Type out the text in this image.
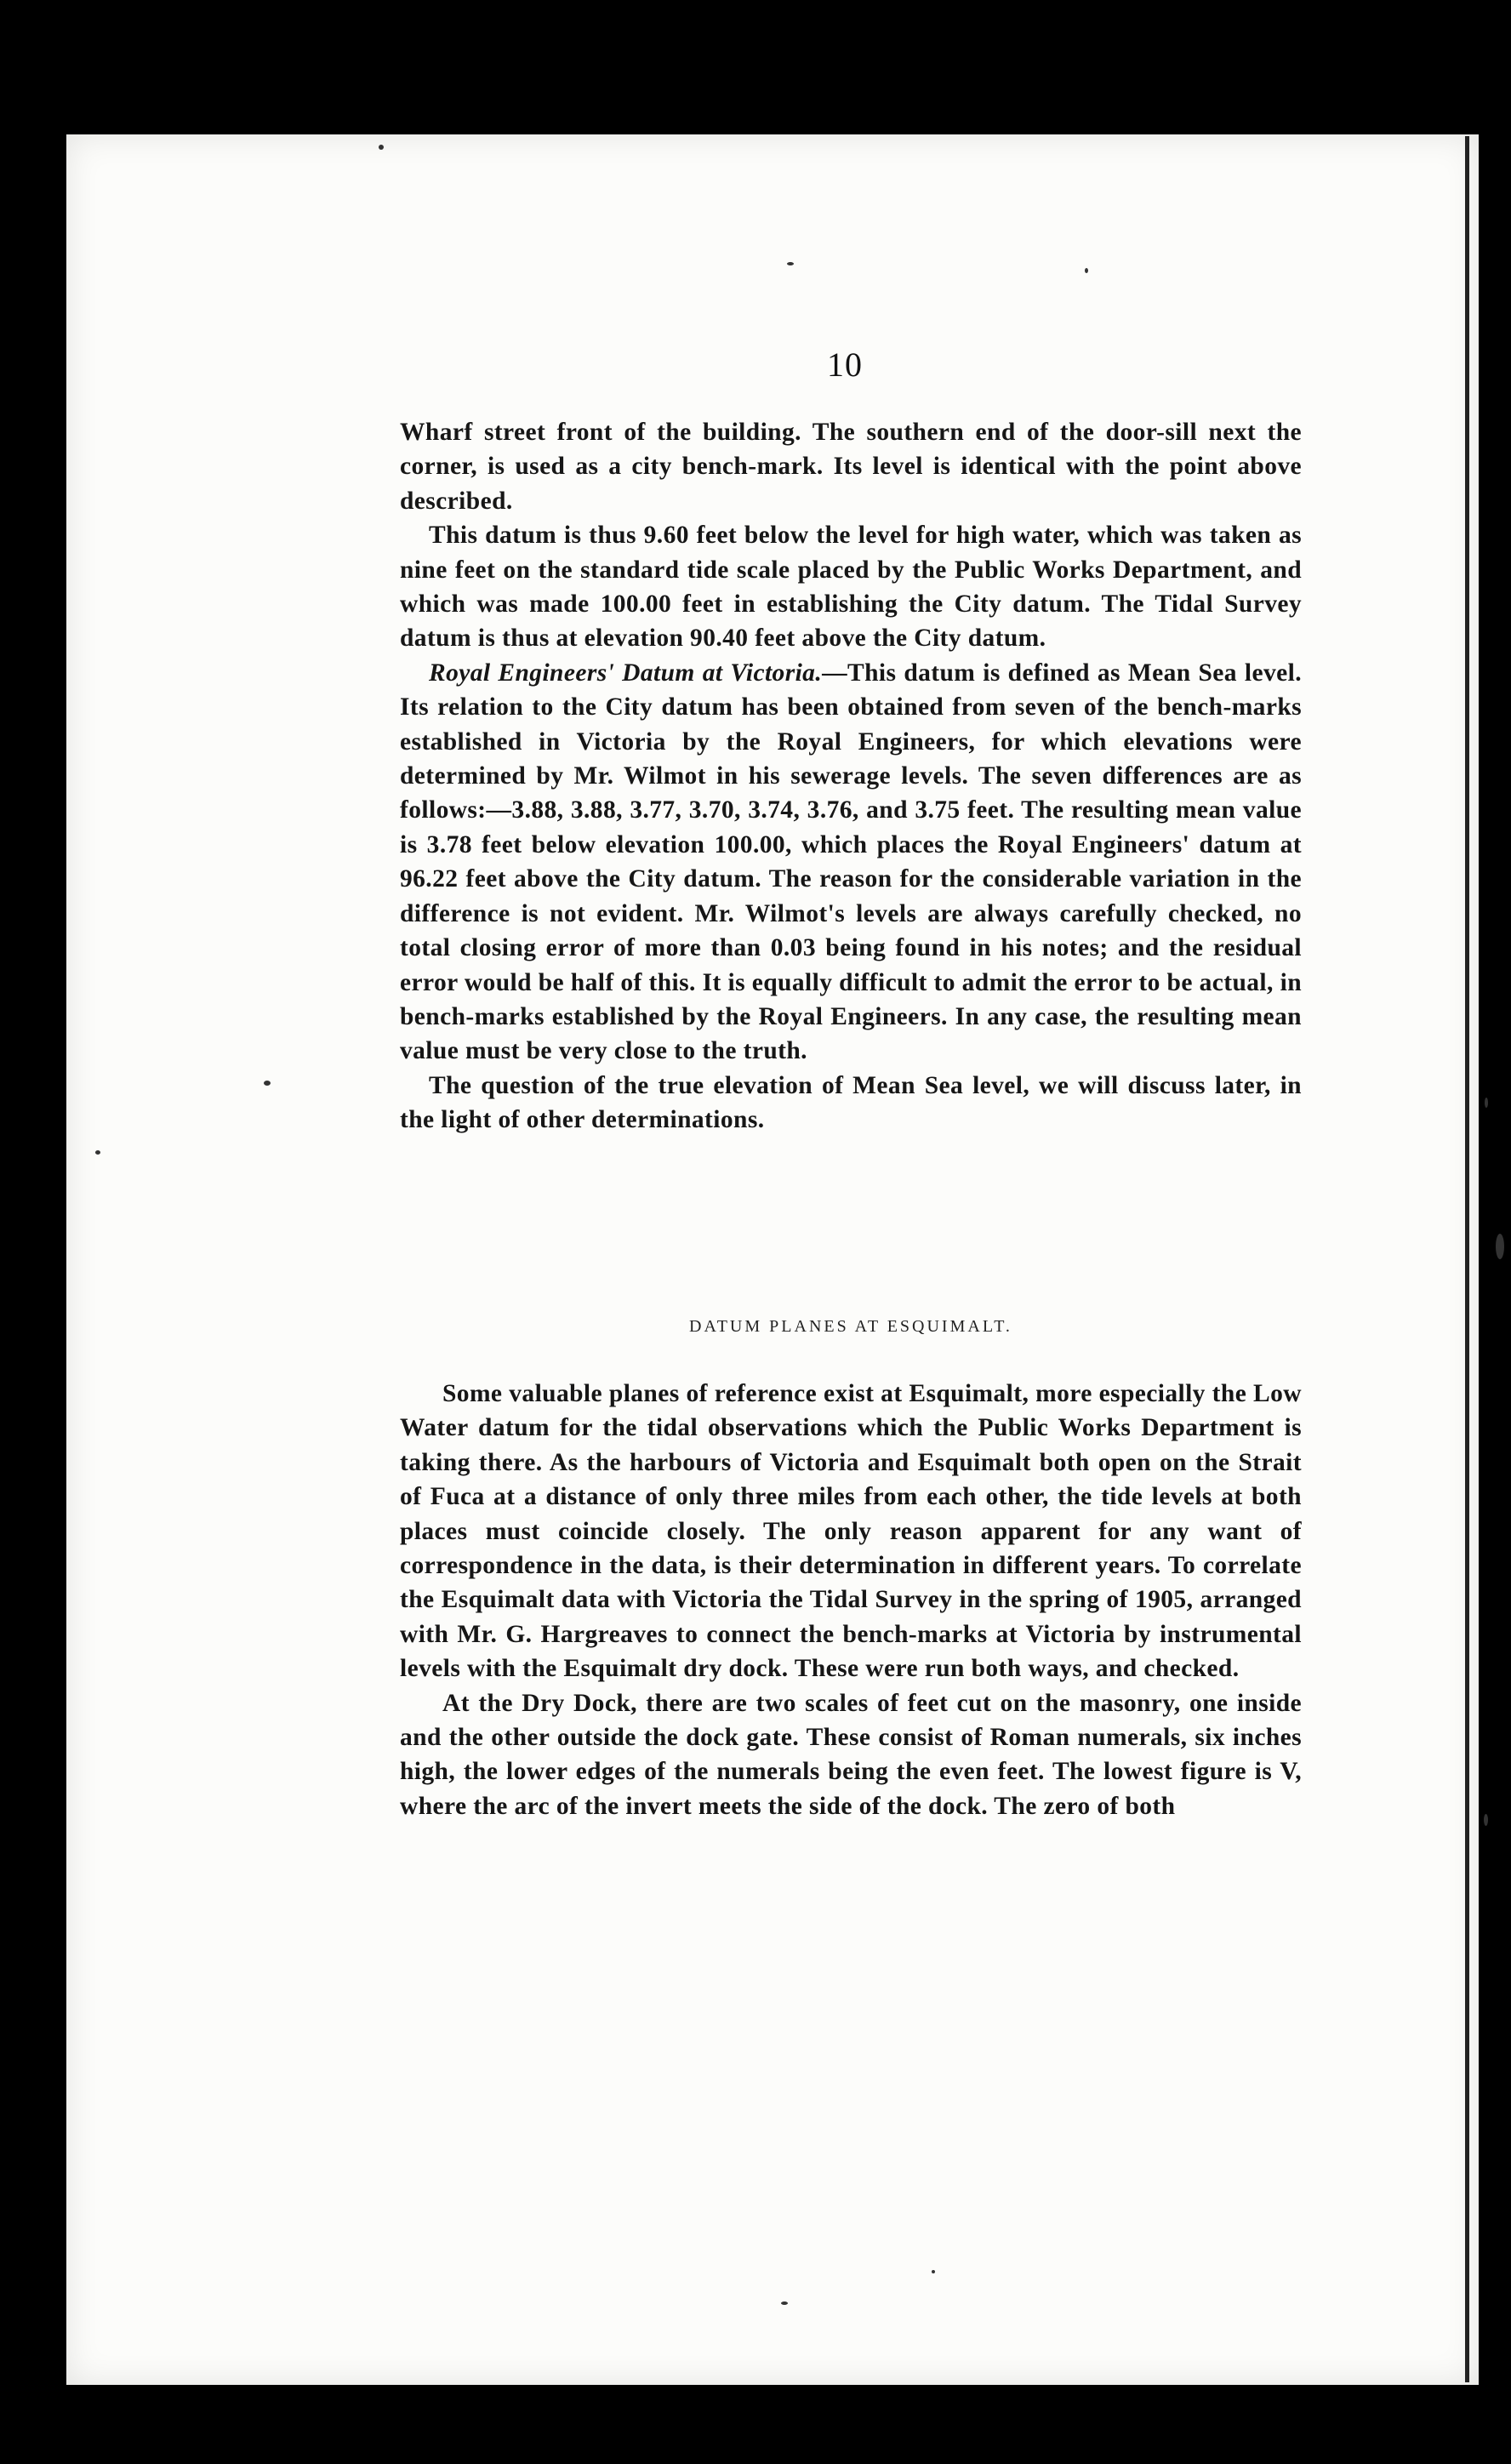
10

Wharf street front of the building. The southern end of the door-sill next the corner, is used as a city bench-mark. Its level is identical with the point above described.

This datum is thus 9.60 feet below the level for high water, which was taken as nine feet on the standard tide scale placed by the Public Works Department, and which was made 100.00 feet in establishing the City datum. The Tidal Survey datum is thus at elevation 90.40 feet above the City datum.

Royal Engineers' Datum at Victoria.—This datum is defined as Mean Sea level. Its relation to the City datum has been obtained from seven of the bench-marks established in Victoria by the Royal Engineers, for which elevations were determined by Mr. Wilmot in his sewerage levels. The seven differences are as follows:—3.88, 3.88, 3.77, 3.70, 3.74, 3.76, and 3.75 feet. The resulting mean value is 3.78 feet below elevation 100.00, which places the Royal Engineers' datum at 96.22 feet above the City datum. The reason for the considerable variation in the difference is not evident. Mr. Wilmot's levels are always carefully checked, no total closing error of more than 0.03 being found in his notes; and the residual error would be half of this. It is equally difficult to admit the error to be actual, in bench-marks established by the Royal Engineers. In any case, the resulting mean value must be very close to the truth.

The question of the true elevation of Mean Sea level, we will discuss later, in the light of other determinations.

DATUM PLANES AT ESQUIMALT.

Some valuable planes of reference exist at Esquimalt, more especially the Low Water datum for the tidal observations which the Public Works Department is taking there. As the harbours of Victoria and Esquimalt both open on the Strait of Fuca at a distance of only three miles from each other, the tide levels at both places must coincide closely. The only reason apparent for any want of correspondence in the data, is their determination in different years. To correlate the Esquimalt data with Victoria the Tidal Survey in the spring of 1905, arranged with Mr. G. Hargreaves to connect the bench-marks at Victoria by instrumental levels with the Esquimalt dry dock. These were run both ways, and checked.

At the Dry Dock, there are two scales of feet cut on the masonry, one inside and the other outside the dock gate. These consist of Roman numerals, six inches high, the lower edges of the numerals being the even feet. The lowest figure is V, where the arc of the invert meets the side of the dock. The zero of both
